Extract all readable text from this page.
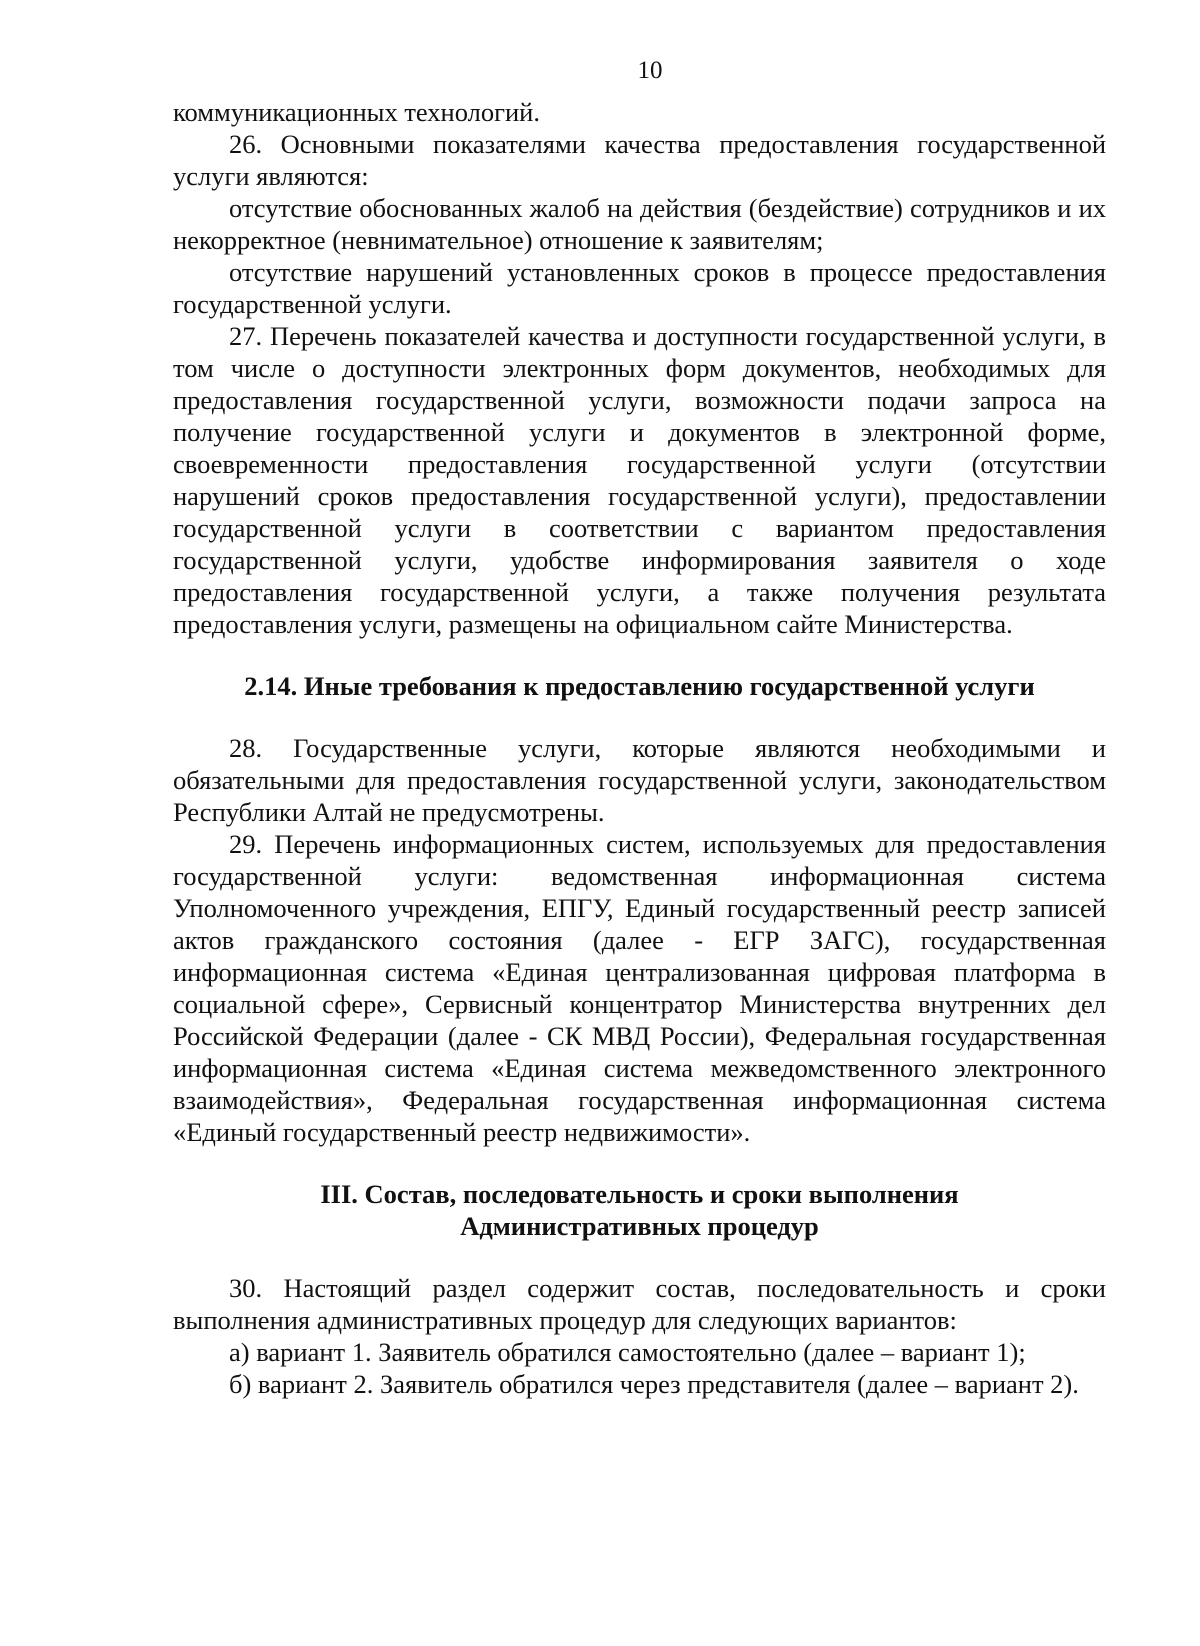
10

коммуникационных технологий.

26. Основными показателями качества предоставления государственной услуги являются:

отсутствие обоснованных жалоб на действия (бездействие) сотрудников и их некорректное (невнимательное) отношение к заявителям;

отсутствие нарушений установленных сроков в процессе предоставления государственной услуги.

27. Перечень показателей качества и доступности государственной услуги, в том числе о доступности электронных форм документов, необходимых для предоставления государственной услуги, возможности подачи запроса на получение государственной услуги и документов в электронной форме, своевременности предоставления государственной услуги (отсутствии нарушений сроков предоставления государственной услуги), предоставлении государственной услуги в соответствии с вариантом предоставления государственной услуги, удобстве информирования заявителя о ходе предоставления государственной услуги, а также получения результата предоставления услуги, размещены на официальном сайте Министерства.

2.14. Иные требования к предоставлению государственной услуги

28. Государственные услуги, которые являются необходимыми и обязательными для предоставления государственной услуги, законодательством Республики Алтай не предусмотрены.

29. Перечень информационных систем, используемых для предоставления государственной услуги: ведомственная информационная система Уполномоченного учреждения, ЕПГУ, Единый государственный реестр записей актов гражданского состояния (далее - ЕГР ЗАГС), государственная информационная система «Единая централизованная цифровая платформа в социальной сфере», Сервисный концентратор Министерства внутренних дел Российской Федерации (далее - СК МВД России), Федеральная государственная информационная система «Единая система межведомственного электронного взаимодействия», Федеральная государственная информационная система «Единый государственный реестр недвижимости».

III. Состав, последовательность и сроки выполнения

Административных процедур

30. Настоящий раздел содержит состав, последовательность и сроки выполнения административных процедур для следующих вариантов:

а) вариант 1. Заявитель обратился самостоятельно (далее – вариант 1);

б) вариант 2. Заявитель обратился через представителя (далее – вариант 2).
